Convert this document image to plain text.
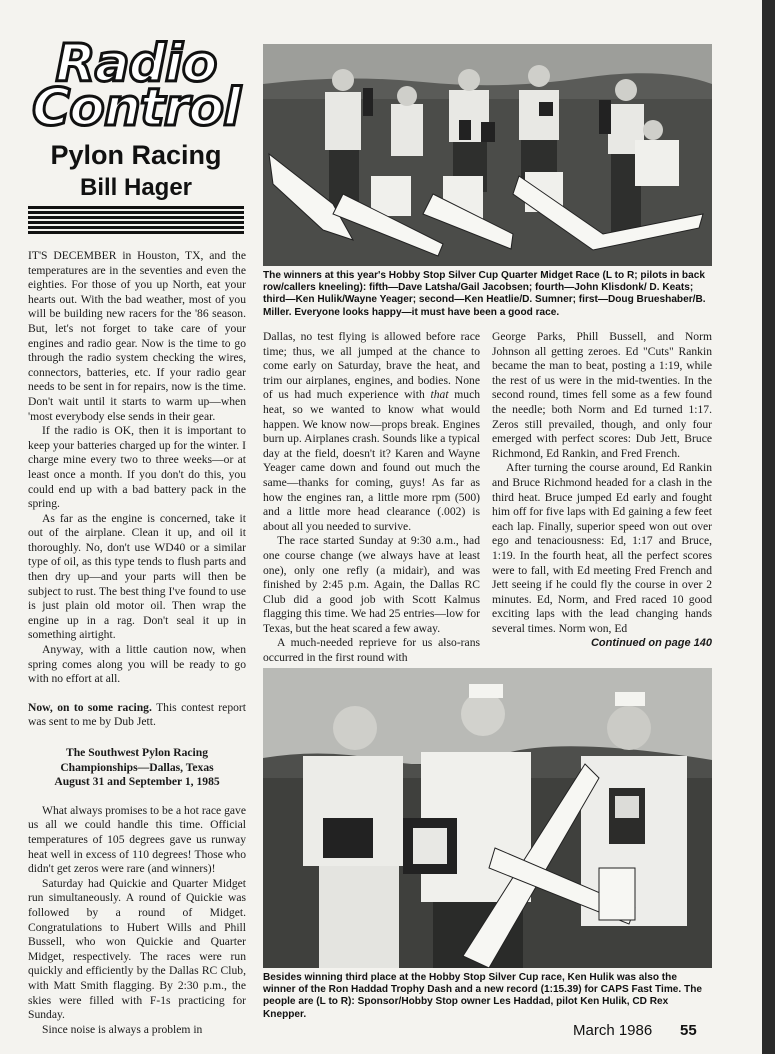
Radio
Control
Pylon Racing
Bill Hager
The winners at this year's Hobby Stop Silver Cup Quarter Midget Race (L to R; pilots in back row/callers kneeling): fifth—Dave Latsha/Gail Jacobsen; fourth—John Klisdonk/ D. Keats; third—Ken Hulik/Wayne Yeager; second—Ken Heatlie/D. Sumner; first—Doug Brueshaber/B. Miller. Everyone looks happy—it must have been a good race.

IT'S DECEMBER in Houston, TX, and the temperatures are in the seventies and even the eighties. For those of you up North, eat your hearts out. With the bad weather, most of you will be building new racers for the '86 season. But, let's not forget to take care of your engines and radio gear. Now is the time to go through the radio system checking the wires, connectors, batteries, etc. If your radio gear needs to be sent in for repairs, now is the time. Don't wait until it starts to warm up—when 'most everybody else sends in their gear.

If the radio is OK, then it is important to keep your batteries charged up for the winter. I charge mine every two to three weeks—or at least once a month. If you don't do this, you could end up with a bad battery pack in the spring.

As far as the engine is concerned, take it out of the airplane. Clean it up, and oil it thoroughly. No, don't use WD40 or a similar type of oil, as this type tends to flush parts and then dry up—and your parts will then be subject to rust. The best thing I've found to use is just plain old motor oil. Then wrap the engine up in a rag. Don't seal it up in something airtight.

Anyway, with a little caution now, when spring comes along you will be ready to go with no effort at all.

Now, on to some racing. This contest report was sent to me by Dub Jett.

The Southwest Pylon Racing
Championships—Dallas, Texas
August 31 and September 1, 1985

What always promises to be a hot race gave us all we could handle this time. Official temperatures of 105 degrees gave us runway heat well in excess of 110 degrees! Those who didn't get zeros were rare (and winners)!

Saturday had Quickie and Quarter Midget run simultaneously. A round of Quickie was followed by a round of Midget. Congratulations to Hubert Wills and Phill Bussell, who won Quickie and Quarter Midget, respectively. The races were run quickly and efficiently by the Dallas RC Club, with Matt Smith flagging. By 2:30 p.m., the skies were filled with F-1s practicing for Sunday.

Since noise is always a problem in

Dallas, no test flying is allowed before race time; thus, we all jumped at the chance to come early on Saturday, brave the heat, and trim our airplanes, engines, and bodies. None of us had much experience with that much heat, so we wanted to know what would happen. We know now—props break. Engines burn up. Airplanes crash. Sounds like a typical day at the field, doesn't it? Karen and Wayne Yeager came down and found out much the same—thanks for coming, guys! As far as how the engines ran, a little more rpm (500) and a little more head clearance (.002) is about all you needed to survive.

The race started Sunday at 9:30 a.m., had one course change (we always have at least one), only one refly (a midair), and was finished by 2:45 p.m. Again, the Dallas RC Club did a good job with Scott Kalmus flagging this time. We had 25 entries—low for Texas, but the heat scared a few away.

A much-needed reprieve for us also-rans occurred in the first round with

George Parks, Phill Bussell, and Norm Johnson all getting zeroes. Ed "Cuts" Rankin became the man to beat, posting a 1:19, while the rest of us were in the mid-twenties. In the second round, times fell some as a few found the needle; both Norm and Ed turned 1:17. Zeros still prevailed, though, and only four emerged with perfect scores: Dub Jett, Bruce Richmond, Ed Rankin, and Fred French.

After turning the course around, Ed Rankin and Bruce Richmond headed for a clash in the third heat. Bruce jumped Ed early and fought him off for five laps with Ed gaining a few feet each lap. Finally, superior speed won out over ego and tenaciousness: Ed, 1:17 and Bruce, 1:19. In the fourth heat, all the perfect scores were to fall, with Ed meeting Fred French and Jett seeing if he could fly the course in over 2 minutes. Ed, Norm, and Fred raced 10 good exciting laps with the lead changing hands several times. Norm won, Ed

Continued on page 140
Besides winning third place at the Hobby Stop Silver Cup race, Ken Hulik was also the winner of the Ron Haddad Trophy Dash and a new record (1:15.39) for CAPS Fast Time. The people are (L to R): Sponsor/Hobby Stop owner Les Haddad, pilot Ken Hulik, CD Rex Knepper.
March 1986 55
